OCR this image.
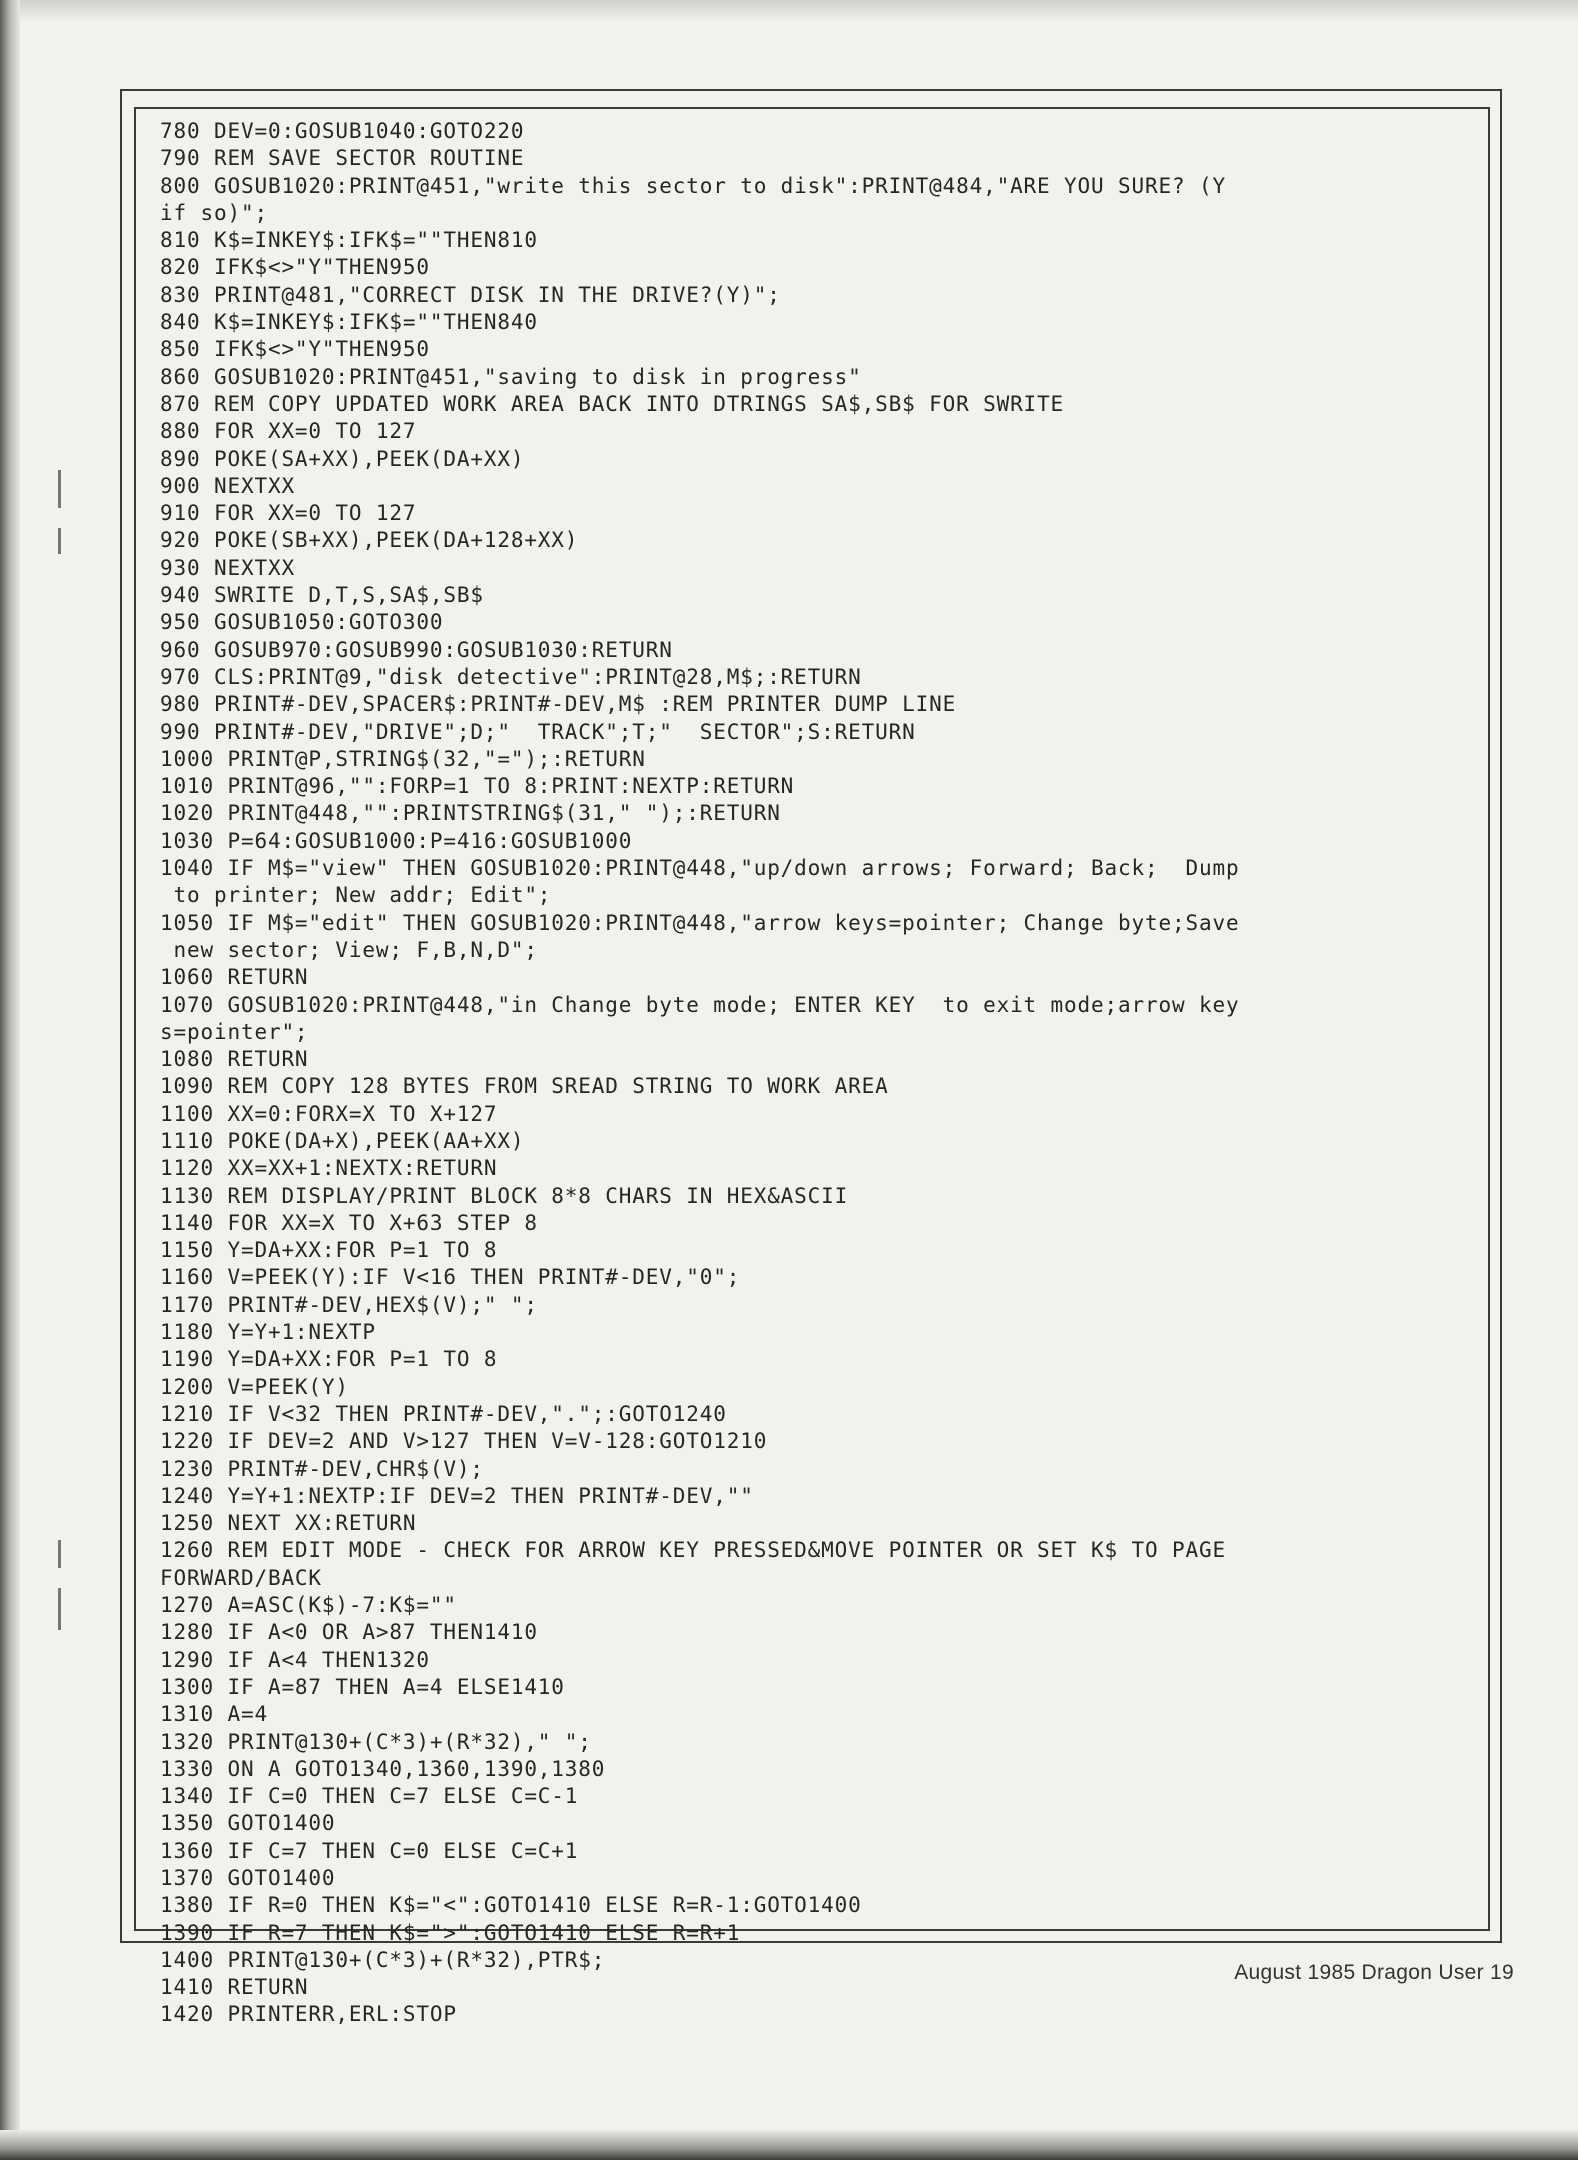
780 DEV=0:GOSUB1040:GOTO220
790 REM SAVE SECTOR ROUTINE
800 GOSUB1020:PRINT@451,"write this sector to disk":PRINT@484,"ARE YOU SURE? (Y
if so)";
810 K$=INKEY$:IFK$=""THEN810
820 IFK$<>"Y"THEN950
830 PRINT@481,"CORRECT DISK IN THE DRIVE?(Y)";
840 K$=INKEY$:IFK$=""THEN840
850 IFK$<>"Y"THEN950
860 GOSUB1020:PRINT@451,"saving to disk in progress"
870 REM COPY UPDATED WORK AREA BACK INTO DTRINGS SA$,SB$ FOR SWRITE
880 FOR XX=0 TO 127
890 POKE(SA+XX),PEEK(DA+XX)
900 NEXTXX
910 FOR XX=0 TO 127
920 POKE(SB+XX),PEEK(DA+128+XX)
930 NEXTXX
940 SWRITE D,T,S,SA$,SB$
950 GOSUB1050:GOTO300
960 GOSUB970:GOSUB990:GOSUB1030:RETURN
970 CLS:PRINT@9,"disk detective":PRINT@28,M$;:RETURN
980 PRINT#-DEV,SPACER$:PRINT#-DEV,M$ :REM PRINTER DUMP LINE
990 PRINT#-DEV,"DRIVE";D;"  TRACK";T;"  SECTOR";S:RETURN
1000 PRINT@P,STRING$(32,"=");:RETURN
1010 PRINT@96,"":FORP=1 TO 8:PRINT:NEXTP:RETURN
1020 PRINT@448,"":PRINTSTRING$(31," ");:RETURN
1030 P=64:GOSUB1000:P=416:GOSUB1000
1040 IF M$="view" THEN GOSUB1020:PRINT@448,"up/down arrows; Forward; Back;  Dump
to printer; New addr; Edit";
1050 IF M$="edit" THEN GOSUB1020:PRINT@448,"arrow keys=pointer; Change byte;Save
new sector; View; F,B,N,D";
1060 RETURN
1070 GOSUB1020:PRINT@448,"in Change byte mode; ENTER KEY  to exit mode;arrow key
s=pointer";
1080 RETURN
1090 REM COPY 128 BYTES FROM SREAD STRING TO WORK AREA
1100 XX=0:FORX=X TO X+127
1110 POKE(DA+X),PEEK(AA+XX)
1120 XX=XX+1:NEXTX:RETURN
1130 REM DISPLAY/PRINT BLOCK 8*8 CHARS IN HEX&ASCII
1140 FOR XX=X TO X+63 STEP 8
1150 Y=DA+XX:FOR P=1 TO 8
1160 V=PEEK(Y):IF V<16 THEN PRINT#-DEV,"0";
1170 PRINT#-DEV,HEX$(V);" ";
1180 Y=Y+1:NEXTP
1190 Y=DA+XX:FOR P=1 TO 8
1200 V=PEEK(Y)
1210 IF V<32 THEN PRINT#-DEV,".";:GOTO1240
1220 IF DEV=2 AND V>127 THEN V=V-128:GOTO1210
1230 PRINT#-DEV,CHR$(V);
1240 Y=Y+1:NEXTP:IF DEV=2 THEN PRINT#-DEV,""
1250 NEXT XX:RETURN
1260 REM EDIT MODE - CHECK FOR ARROW KEY PRESSED&MOVE POINTER OR SET K$ TO PAGE
FORWARD/BACK
1270 A=ASC(K$)-7:K$=""
1280 IF A<0 OR A>87 THEN1410
1290 IF A<4 THEN1320
1300 IF A=87 THEN A=4 ELSE1410
1310 A=4
1320 PRINT@130+(C*3)+(R*32)," ";
1330 ON A GOTO1340,1360,1390,1380
1340 IF C=0 THEN C=7 ELSE C=C-1
1350 GOTO1400
1360 IF C=7 THEN C=0 ELSE C=C+1
1370 GOTO1400
1380 IF R=0 THEN K$="<":GOTO1410 ELSE R=R-1:GOTO1400
1390 IF R=7 THEN K$=">":GOTO1410 ELSE R=R+1
1400 PRINT@130+(C*3)+(R*32),PTR$;
1410 RETURN
1420 PRINTERR,ERL:STOP
August 1985 Dragon User 19
